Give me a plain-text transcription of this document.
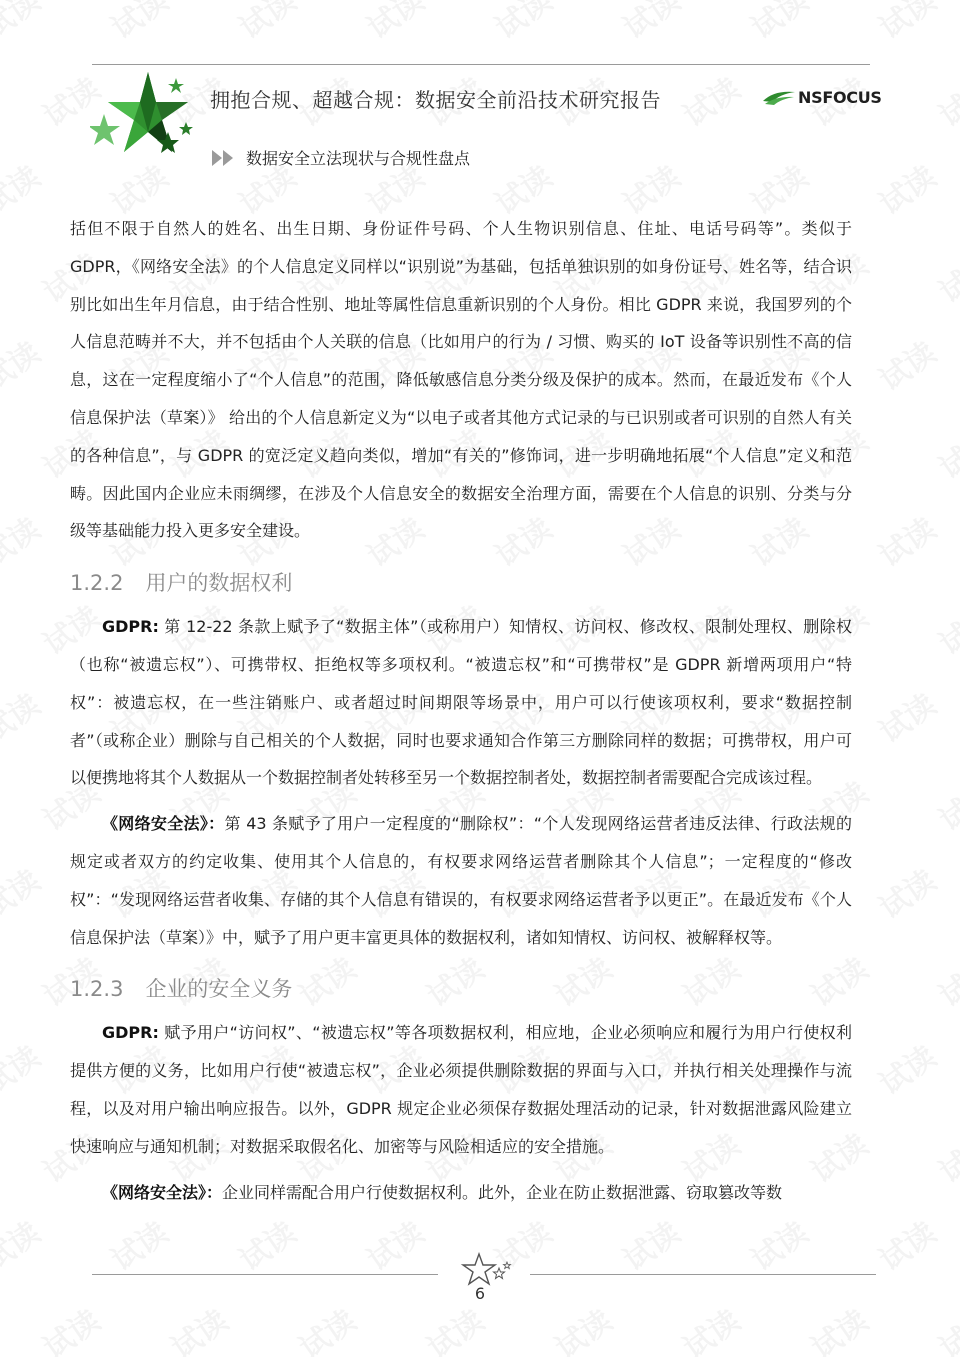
拥抱合规、超越合规：数据安全前沿技术研究报告	NSFOCUS
数据安全立法现状与合规性盘点

括但不限于自然人的姓名、出生日期、身份证件号码、个人生物识别信息、住址、电话号码等”。类似于 GDPR，《网络安全法》的个人信息定义同样以“识别说”为基础，包括单独识别的如身份证号、姓名等，结合识别比如出生年月信息，由于结合性别、地址等属性信息重新识别的个人身份。相比 GDPR 来说，我国罗列的个人信息范畴并不大，并不包括由个人关联的信息（比如用户的行为 / 习惯、购买的 IoT 设备等识别性不高的信息，这在一定程度缩小了“个人信息”的范围，降低敏感信息分类分级及保护的成本。然而，在最近发布《个人信息保护法（草案）》 给出的个人信息新定义为“以电子或者其他方式记录的与已识别或者可识别的自然人有关的各种信息”，与 GDPR 的宽泛定义趋向类似，增加“有关的”修饰词，进一步明确地拓展“个人信息”定义和范畴。因此国内企业应未雨绸缪，在涉及个人信息安全的数据安全治理方面，需要在个人信息的识别、分类与分级等基础能力投入更多安全建设。

1.2.2 用户的数据权利

GDPR: 第 12-22 条款上赋予了“数据主体”（或称用户）知情权、访问权、修改权、限制处理权、删除权（也称“被遗忘权”）、可携带权、拒绝权等多项权利。“被遗忘权”和“可携带权”是 GDPR 新增两项用户“特权”：被遗忘权，在一些注销账户、或者超过时间期限等场景中，用户可以行使该项权利，要求“数据控制者”（或称企业）删除与自己相关的个人数据，同时也要求通知合作第三方删除同样的数据；可携带权，用户可以便携地将其个人数据从一个数据控制者处转移至另一个数据控制者处，数据控制者需要配合完成该过程。

《网络安全法》：第 43 条赋予了用户一定程度的“删除权”：“个人发现网络运营者违反法律、行政法规的规定或者双方的约定收集、使用其个人信息的，有权要求网络运营者删除其个人信息”；一定程度的“修改权”：“发现网络运营者收集、存储的其个人信息有错误的，有权要求网络运营者予以更正”。在最近发布《个人信息保护法（草案）》中，赋予了用户更丰富更具体的数据权利，诸如知情权、访问权、被解释权等。

1.2.3 企业的安全义务

GDPR: 赋予用户“访问权”、“被遗忘权”等各项数据权利，相应地，企业必须响应和履行为用户行使权利提供方便的义务，比如用户行使“被遗忘权”，企业必须提供删除数据的界面与入口，并执行相关处理操作与流程，以及对用户输出响应报告。以外，GDPR 规定企业必须保存数据处理活动的记录，针对数据泄露风险建立快速响应与通知机制；对数据采取假名化、加密等与风险相适应的安全措施。

《网络安全法》：企业同样需配合用户行使数据权利。此外，企业在防止数据泄露、窃取篡改等数

6
